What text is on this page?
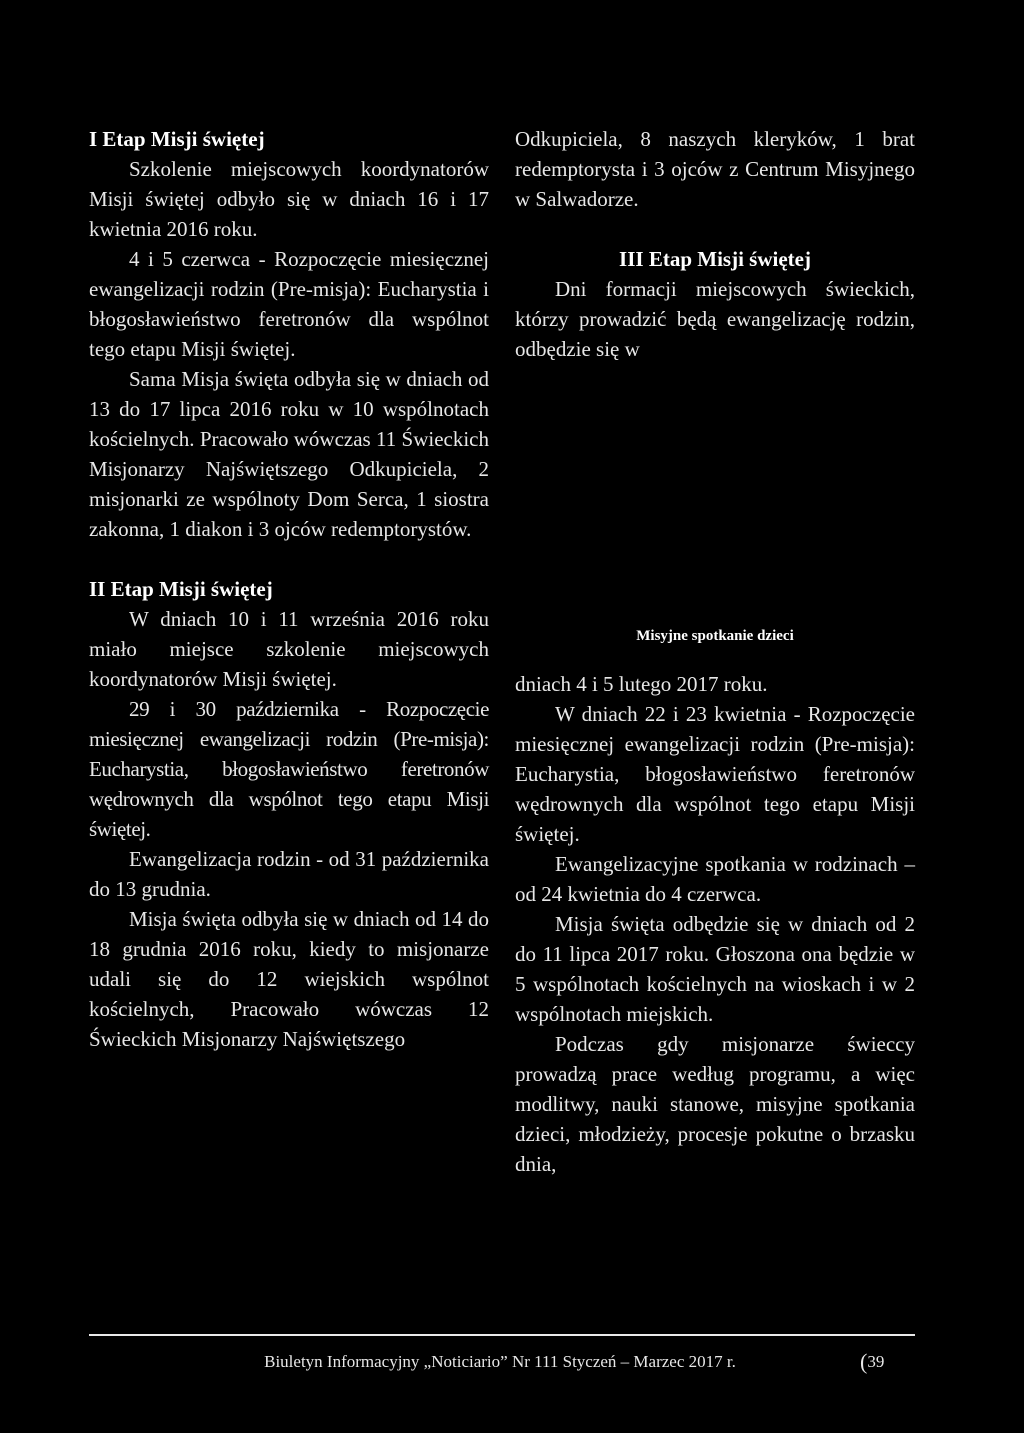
I Etap Misji świętej

Szkolenie miejscowych koordynatorów Misji świętej odbyło się w dniach 16 i 17 kwietnia 2016 roku.

4 i 5 czerwca - Rozpoczęcie miesięcznej ewangelizacji rodzin (Pre-misja): Eucharystia i błogosławieństwo feretronów dla wspólnot tego etapu Misji świętej.

Sama Misja święta odbyła się w dniach od 13 do 17 lipca 2016 roku w 10 wspólnotach kościelnych. Pracowało wówczas 11 Świeckich Misjonarzy Najświętszego Odkupiciela, 2 misjonarki ze wspólnoty Dom Serca, 1 siostra zakonna, 1 diakon i 3 ojców redemptorystów.

II Etap Misji świętej

W dniach 10 i 11 września 2016 roku miało miejsce szkolenie miejscowych koordynatorów Misji świętej.

29 i 30 października - Rozpoczęcie miesięcznej ewangelizacji rodzin (Pre-misja): Eucharystia, błogosławieństwo feretronów wędrownych dla wspólnot tego etapu Misji świętej.

Ewangelizacja rodzin - od 31 października do 13 grudnia.

Misja święta odbyła się w dniach od 14 do 18 grudnia 2016 roku, kiedy to misjonarze udali się do 12 wiejskich wspólnot kościelnych, Pracowało wówczas 12 Świeckich Misjonarzy Najświętszego

Odkupiciela, 8 naszych kleryków, 1 brat redemptorysta i 3 ojców z Centrum Misyjnego w Salwadorze.

III Etap Misji świętej

Dni formacji miejscowych świeckich, którzy prowadzić będą ewangelizację rodzin, odbędzie się w

Misyjne spotkanie dzieci

dniach 4 i 5 lutego 2017 roku.

W dniach 22 i 23 kwietnia - Rozpoczęcie miesięcznej ewangelizacji rodzin (Pre-misja): Eucharystia, błogosławieństwo feretronów wędrownych dla wspólnot tego etapu Misji świętej.

Ewangelizacyjne spotkania w rodzinach – od 24 kwietnia do 4 czerwca.

Misja święta odbędzie się w dniach od 2 do 11 lipca 2017 roku. Głoszona ona będzie w 5 wspólnotach kościelnych na wioskach i w 2 wspólnotach miejskich.

Podczas gdy misjonarze świeccy prowadzą prace według programu, a więc modlitwy, nauki stanowe, misyjne spotkania dzieci, młodzieży, procesje pokutne o brzasku dnia,

Biuletyn Informacyjny „Noticiario” Nr 111 Styczeń – Marzec 2017 r.	(39
